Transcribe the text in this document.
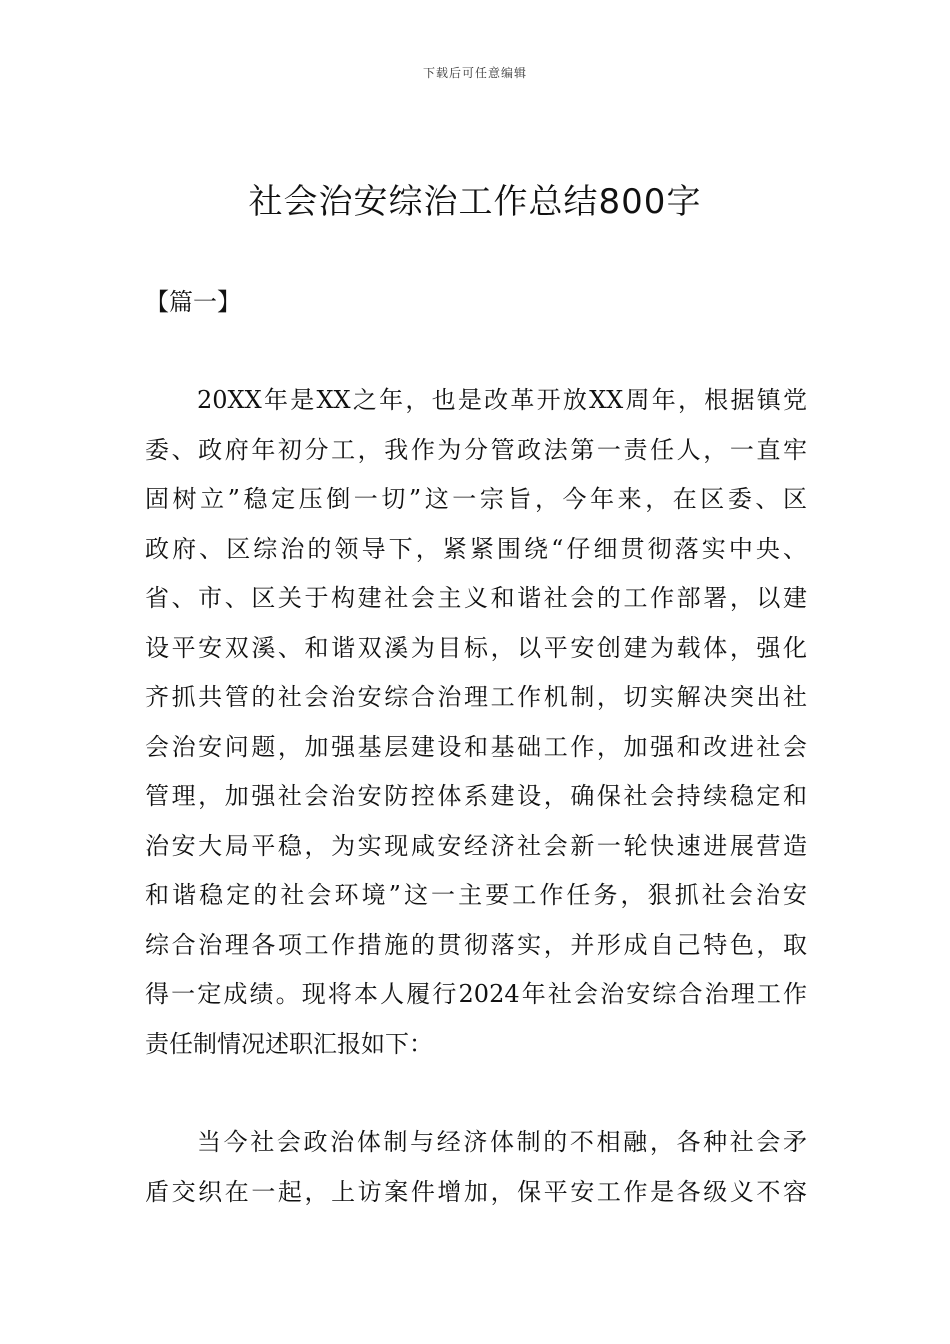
下载后可任意编辑
社会治安综治工作总结800字
【篇一】
20XX年是XX之年，也是改革开放XX周年，根据镇党
委、政府年初分工，我作为分管政法第一责任人，一直牢
固树立”稳定压倒一切”这一宗旨，今年来，在区委、区
政府、区综治的领导下，紧紧围绕“仔细贯彻落实中央、
省、市、区关于构建社会主义和谐社会的工作部署，以建
设平安双溪、和谐双溪为目标，以平安创建为载体，强化
齐抓共管的社会治安综合治理工作机制，切实解决突出社
会治安问题，加强基层建设和基础工作，加强和改进社会
管理，加强社会治安防控体系建设，确保社会持续稳定和
治安大局平稳，为实现咸安经济社会新一轮快速进展营造
和谐稳定的社会环境”这一主要工作任务，狠抓社会治安
综合治理各项工作措施的贯彻落实，并形成自己特色，取
得一定成绩。现将本人履行2024年社会治安综合治理工作
责任制情况述职汇报如下：
当今社会政治体制与经济体制的不相融，各种社会矛
盾交织在一起，上访案件增加，保平安工作是各级义不容
